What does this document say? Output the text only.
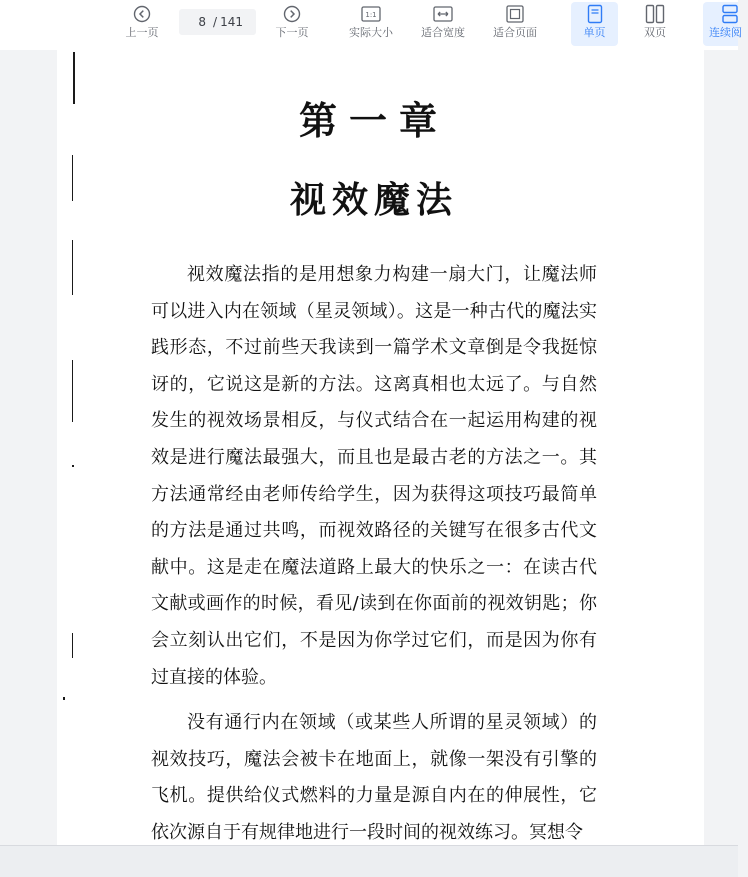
上一页
8
/ 141
下一页
1:1
实际大小	适合宽度	适合页面	单页	双页	连续阅
第一章
视效魔法

视效魔法指的是用想象力构建一扇大门，让魔法师可以进入内在领域（星灵领域）。这是一种古代的魔法实践形态，不过前些天我读到一篇学术文章倒是令我挺惊讶的，它说这是新的方法。这离真相也太远了。与自然发生的视效场景相反，与仪式结合在一起运用构建的视效是进行魔法最强大，而且也是最古老的方法之一。其方法通常经由老师传给学生，因为获得这项技巧最简单的方法是通过共鸣，而视效路径的关键写在很多古代文献中。这是走在魔法道路上最大的快乐之一：在读古代文献或画作的时候，看见/读到在你面前的视效钥匙；你会立刻认出它们，不是因为你学过它们，而是因为你有过直接的体验。

没有通行内在领域（或某些人所谓的星灵领域）的视效技巧，魔法会被卡在地面上，就像一架没有引擎的飞机。提供给仪式燃料的力量是源自内在的伸展性，它依次源自于有规律地进行一段时间的视效练习。冥想令
